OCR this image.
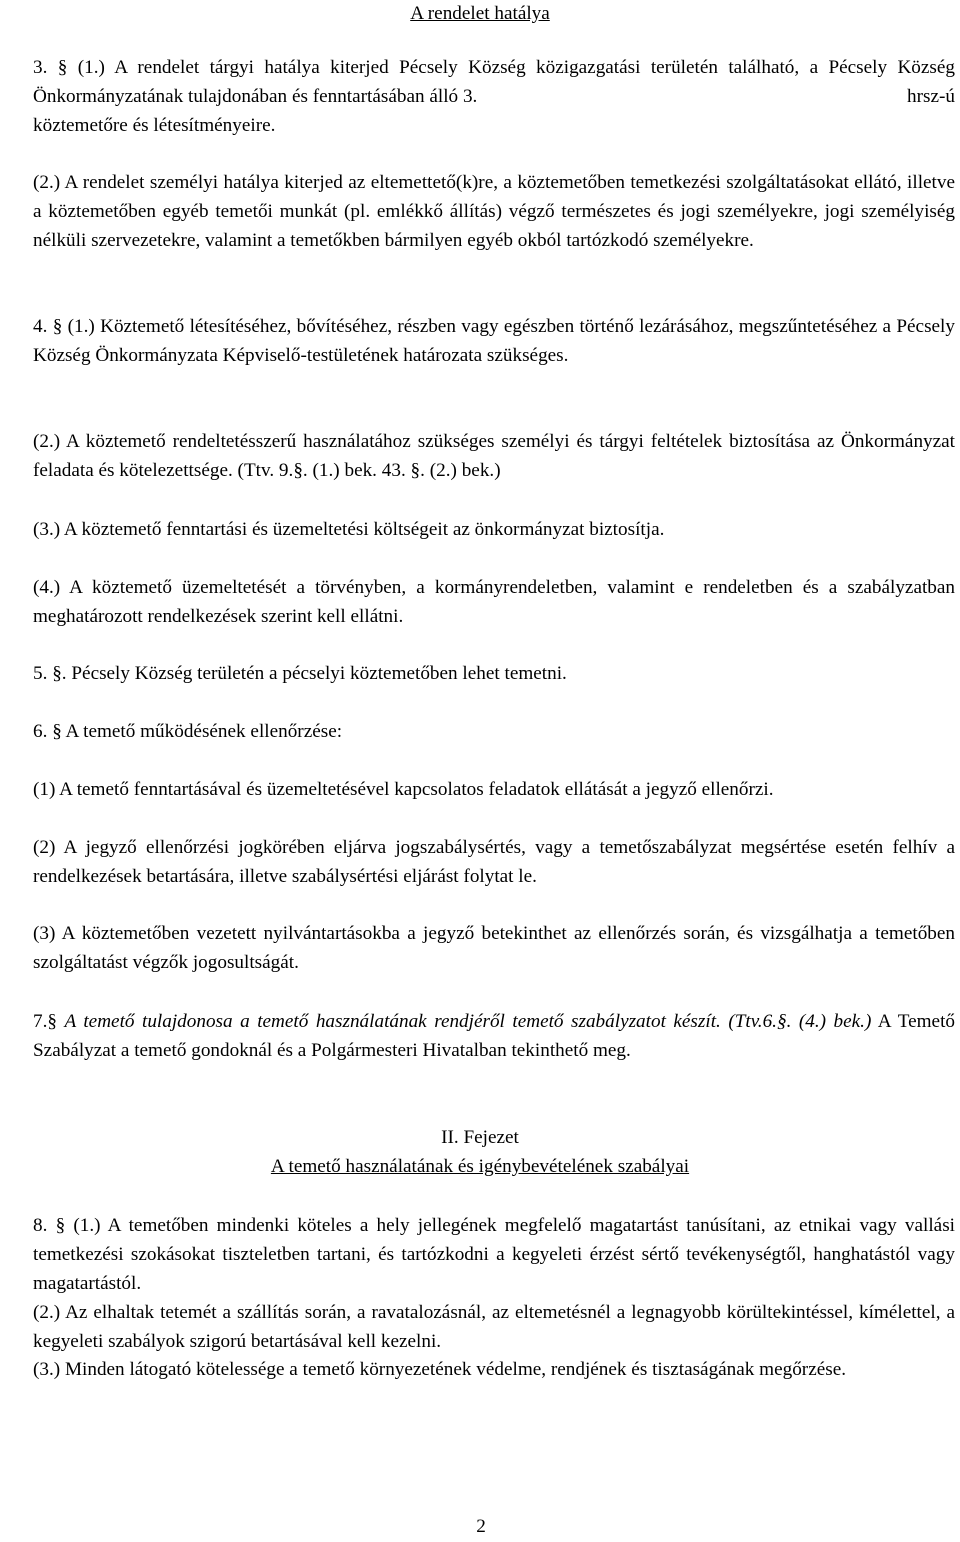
A rendelet hatálya

3. § (1.) A rendelet tárgyi hatálya kiterjed Pécsely Község közigazgatási területén található, a Pécsely Község Önkormányzatának tulajdonában és fenntartásában álló 3.	hrsz-ú

köztemetőre és létesítményeire.

(2.) A rendelet személyi hatálya kiterjed az eltemettető(k)re, a köztemetőben temetkezési szolgáltatásokat ellátó, illetve a köztemetőben egyéb temetői munkát (pl. emlékkő állítás) végző természetes és jogi személyekre, jogi személyiség nélküli szervezetekre, valamint a temetőkben bármilyen egyéb okból tartózkodó személyekre.

4. § (1.) Köztemető létesítéséhez, bővítéséhez, részben vagy egészben történő lezárásához, megszűntetéséhez a Pécsely Község Önkormányzata Képviselő-testületének határozata szükséges.

(2.) A köztemető rendeltetésszerű használatához szükséges személyi és tárgyi feltételek biztosítása az Önkormányzat feladata és kötelezettsége. (Ttv. 9.§. (1.) bek. 43. §. (2.) bek.)

(3.) A köztemető fenntartási és üzemeltetési költségeit az önkormányzat biztosítja.

(4.) A köztemető üzemeltetését a törvényben, a kormányrendeletben, valamint e rendeletben és a szabályzatban meghatározott rendelkezések szerint kell ellátni.

5. §. Pécsely Község területén a pécselyi köztemetőben lehet temetni.

6. § A temető működésének ellenőrzése:

(1) A temető fenntartásával és üzemeltetésével kapcsolatos feladatok ellátását a jegyző ellenőrzi.

(2) A jegyző ellenőrzési jogkörében eljárva jogszabálysértés, vagy a temetőszabályzat megsértése esetén felhív a rendelkezések betartására, illetve szabálysértési eljárást folytat le.

(3) A köztemetőben vezetett nyilvántartásokba a jegyző betekinthet az ellenőrzés során, és vizsgálhatja a temetőben szolgáltatást végzők jogosultságát.

7.§ A temető tulajdonosa a temető használatának rendjéről temető szabályzatot készít. (Ttv.6.§. (4.) bek.) A Temető Szabályzat a temető gondoknál és a Polgármesteri Hivatalban tekinthető meg.

II. Fejezet

A temető használatának és igénybevételének szabályai

8. § (1.) A temetőben mindenki köteles a hely jellegének megfelelő magatartást tanúsítani, az etnikai vagy vallási temetkezési szokásokat tiszteletben tartani, és tartózkodni a kegyeleti érzést sértő tevékenységtől, hanghatástól vagy magatartástól.

(2.) Az elhaltak tetemét a szállítás során, a ravatalozásnál, az eltemetésnél a legnagyobb körültekintéssel, kímélettel, a kegyeleti szabályok szigorú betartásával kell kezelni.

(3.) Minden látogató kötelessége a temető környezetének védelme, rendjének és tisztaságának megőrzése.

2
